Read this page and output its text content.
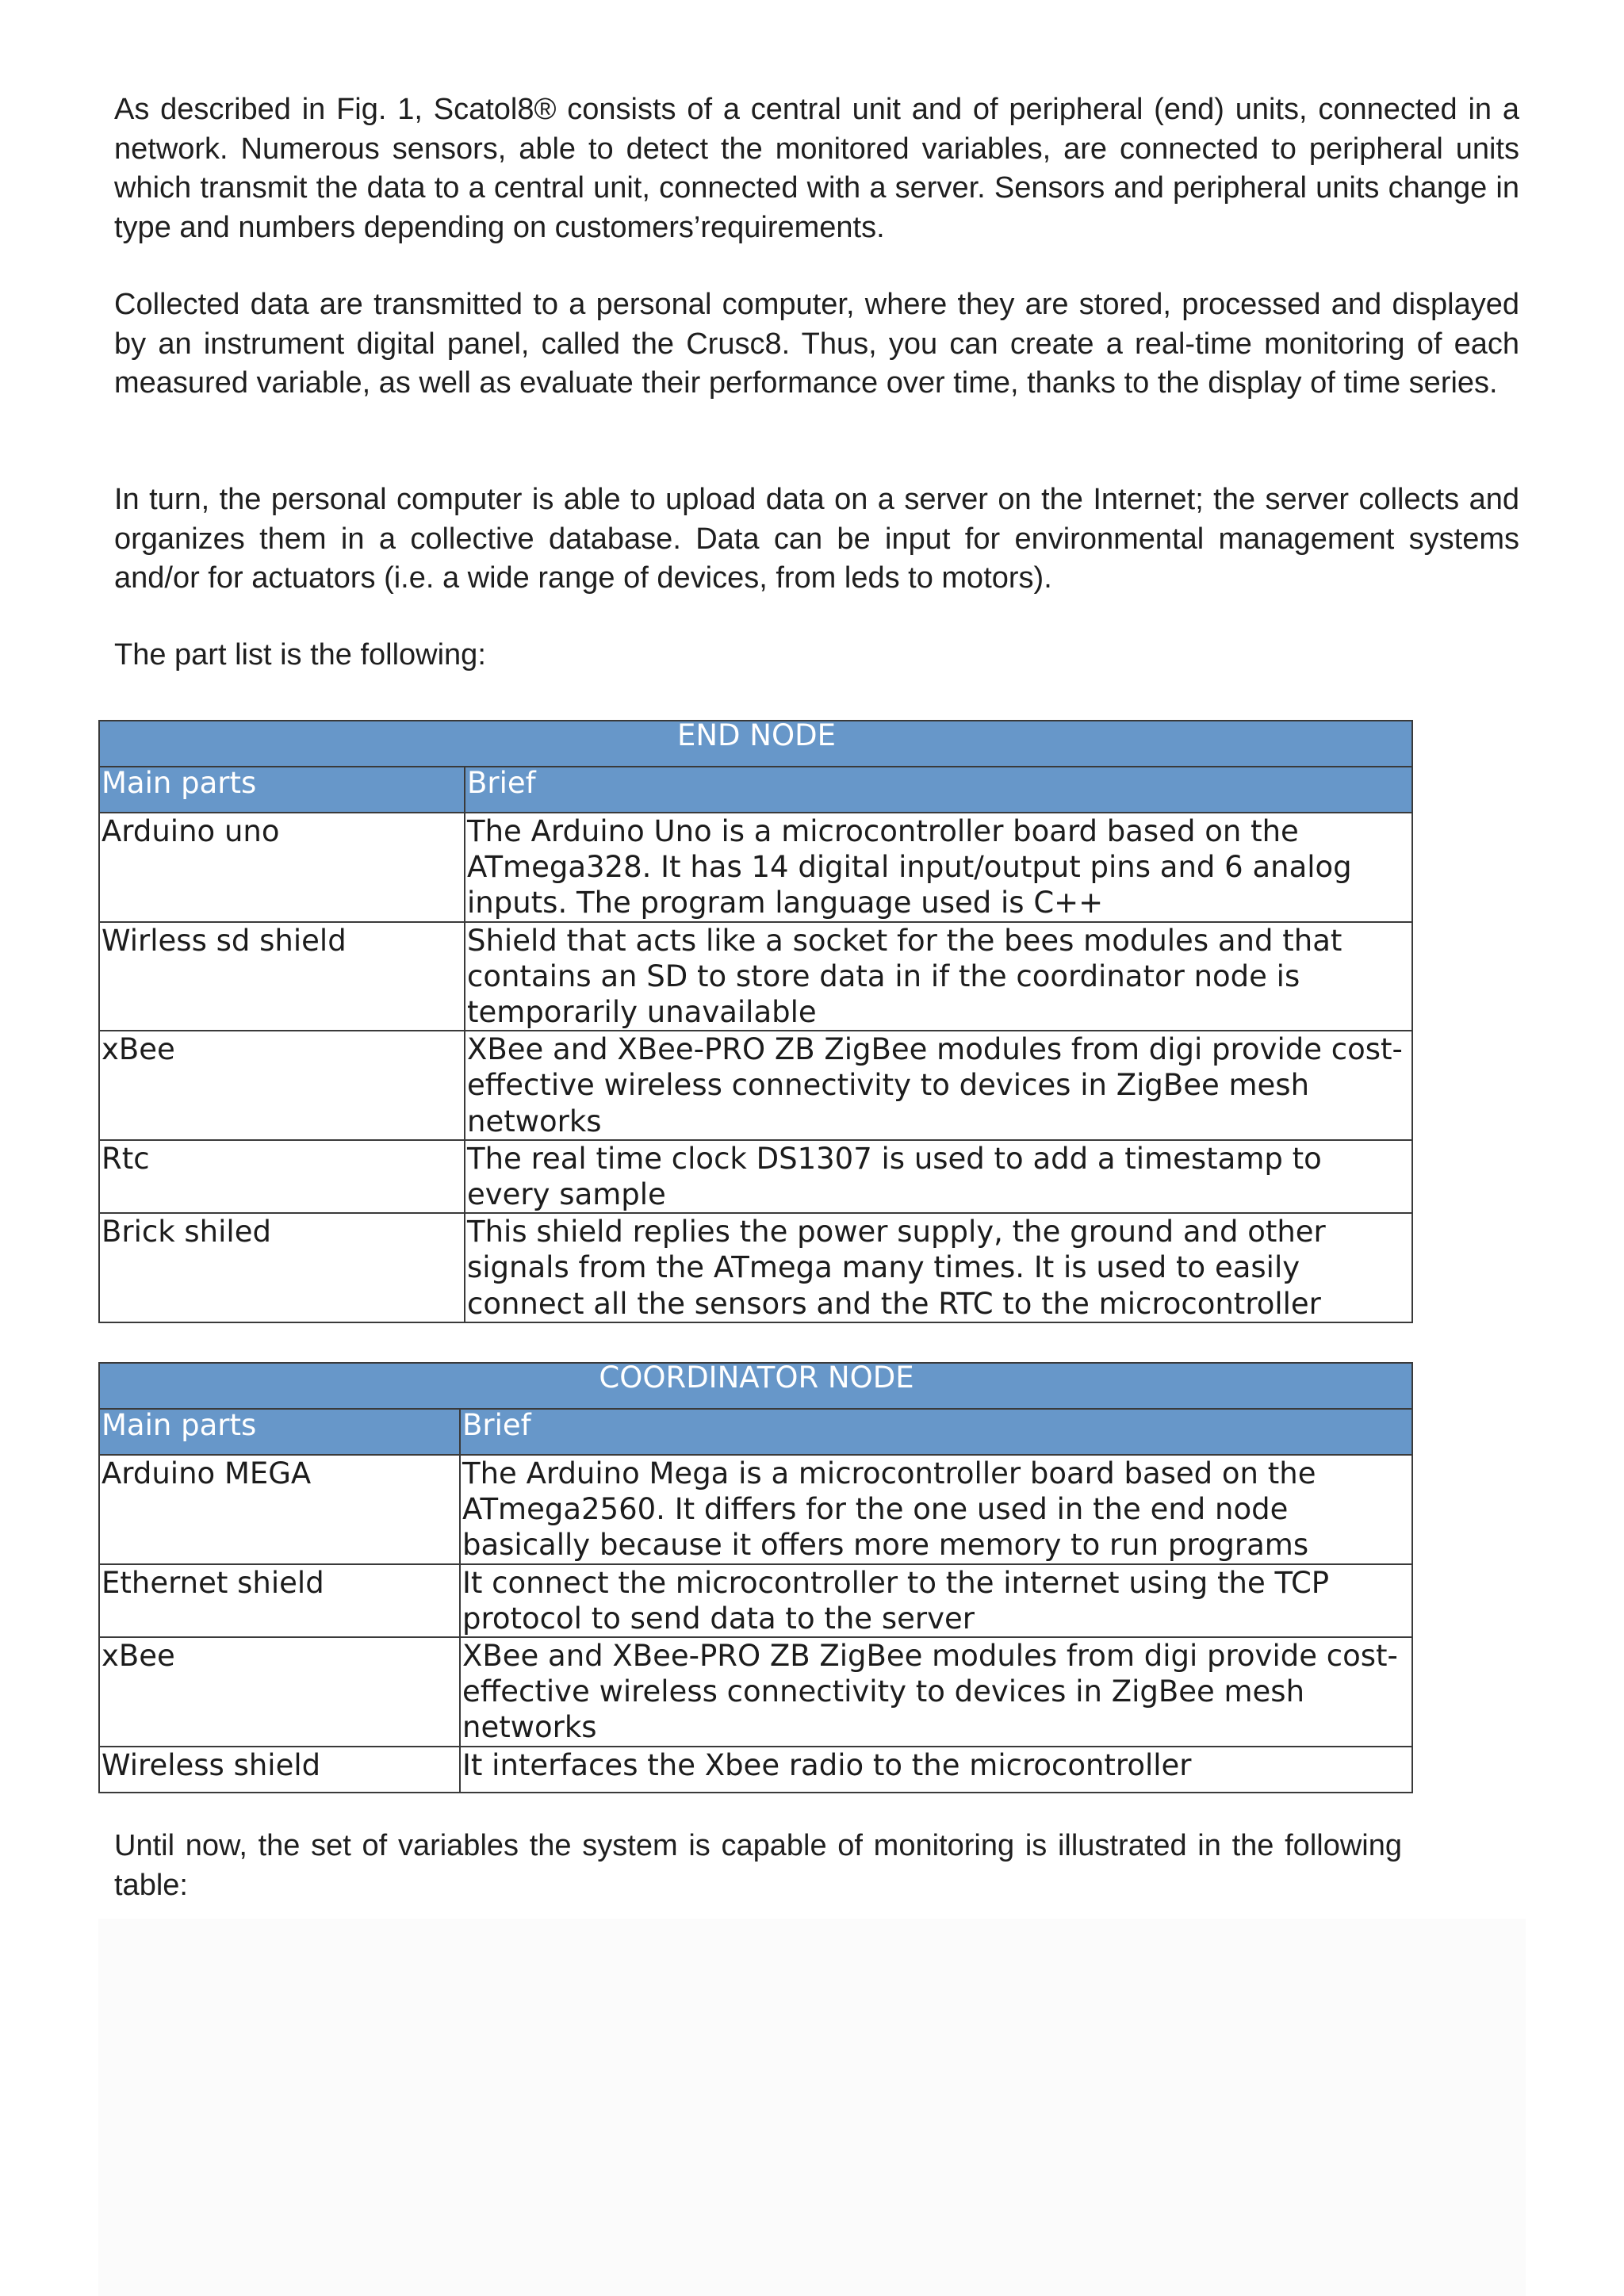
As described in Fig. 1, Scatol8® consists of a central unit and of peripheral (end) units, connected in a network. Numerous sensors, able to detect the monitored variables, are connected to peripheral units which transmit the data to a central unit, connected with a server. Sensors and peripheral units change in type and numbers depending on customers’requirements.

Collected data are transmitted to a personal computer, where they are stored, processed and displayed by an instrument digital panel, called the Crusc8. Thus, you can create a real-time monitoring of each measured variable, as well as evaluate their performance over time, thanks to the display of time series.

In turn, the personal computer is able to upload data on a server on the Internet; the server collects and organizes them in a collective database. Data can be input for environmental management systems and/or for actuators (i.e. a wide range of devices, from leds to motors).

The part list is the following:

END NODE	
Main parts	Brief
Arduino uno	The Arduino Uno is a microcontroller board based on the ATmega328. It has 14 digital input/output pins and 6 analog inputs. The program language used is C++
Wirless sd shield	Shield that acts like a socket for the bees modules and that contains an SD to store data in if the coordinator node is temporarily unavailable
xBee	XBee and XBee-PRO ZB ZigBee modules from digi provide cost- effective wireless connectivity to devices in ZigBee mesh networks
Rtc	The real time clock DS1307 is used to add a timestamp to every sample
Brick shiled	This shield replies the power supply, the ground and other signals from the ATmega many times. It is used to easily connect all the sensors and the RTC to the microcontroller
COORDINATOR NODE	
Main parts	Brief
Arduino MEGA	The Arduino Mega is a microcontroller board based on the ATmega2560. It differs for the one used in the end node basically because it offers more memory to run programs
Ethernet shield	It connect the microcontroller to the internet using the TCP protocol to send data to the server
xBee	XBee and XBee-PRO ZB ZigBee modules from digi provide cost- effective wireless connectivity to devices in ZigBee mesh networks
Wireless shield	It interfaces the Xbee radio to the microcontroller

Until now, the set of variables the system is capable of monitoring is illustrated in the following table:
